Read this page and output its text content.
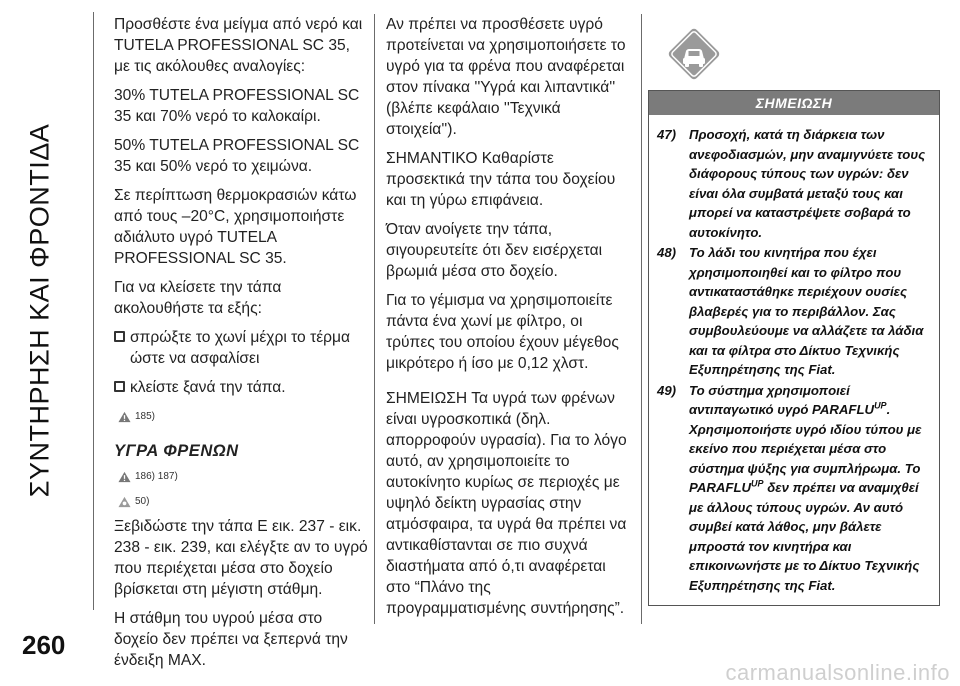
ΣΥΝΤΗΡΗΣΗ ΚΑΙ ΦΡΟΝΤΙΔΑ

Προσθέστε ένα μείγμα από νερό και TUTELA PROFESSIONAL SC 35, με τις ακόλουθες αναλογίες:

30% TUTELA PROFESSIONAL SC 35 και 70% νερό το καλοκαίρι.

50% TUTELA PROFESSIONAL SC 35 και 50% νερό το χειμώνα.

Σε περίπτωση θερμοκρασιών κάτω από τους –20°C, χρησιμοποιήστε αδιάλυτο υγρό TUTELA PROFESSIONAL SC 35.

Για να κλείσετε την τάπα ακολουθήστε τα εξής:

σπρώξτε το χωνί μέχρι το τέρμα ώστε να ασφαλίσει
κλείστε ξανά την τάπα.
185)
ΥΓΡΑ ΦΡΕΝΩΝ
186) 187)
50)

Ξεβιδώστε την τάπα E εικ. 237 - εικ. 238 - εικ. 239, και ελέγξτε αν το υγρό που περιέχεται μέσα στο δοχείο βρίσκεται στη μέγιστη στάθμη.

Η στάθμη του υγρού μέσα στο δοχείο δεν πρέπει να ξεπερνά την ένδειξη MAX.

Αν πρέπει να προσθέσετε υγρό προτείνεται να χρησιμοποιήσετε το υγρό για τα φρένα που αναφέρεται στον πίνακα ''Υγρά και λιπαντικά'' (βλέπε κεφάλαιο ''Τεχνικά στοιχεία'').

ΣΗΜΑΝΤΙΚΟ Καθαρίστε προσεκτικά την τάπα του δοχείου και τη γύρω επιφάνεια.

Όταν ανοίγετε την τάπα, σιγουρευτείτε ότι δεν εισέρχεται βρωμιά μέσα στο δοχείο.

Για το γέμισμα να χρησιμοποιείτε πάντα ένα χωνί με φίλτρο, οι τρύπες του οποίου έχουν μέγεθος μικρότερο ή ίσο με 0,12 χλστ.

ΣΗΜΕΙΩΣΗ Τα υγρά των φρένων είναι υγροσκοπικά (δηλ. απορροφούν υγρασία). Για το λόγο αυτό, αν χρησιμοποιείτε το αυτοκίνητο κυρίως σε περιοχές με υψηλό δείκτη υγρασίας στην ατμόσφαιρα, τα υγρά θα πρέπει να αντικαθίστανται σε πιο συχνά διαστήματα από ό,τι αναφέρεται στο “Πλάνο της προγραμματισμένης συντήρησης”.

ΣΗΜΕΙΩΣΗ
47) Προσοχή, κατά τη διάρκεια των ανεφοδιασμών, μην αναμιγνύετε τους διάφορους τύπους των υγρών: δεν είναι όλα συμβατά μεταξύ τους και μπορεί να καταστρέψετε σοβαρά το αυτοκίνητο.
48) Το λάδι του κινητήρα που έχει χρησιμοποιηθεί και το φίλτρο που αντικαταστάθηκε περιέχουν ουσίες βλαβερές για το περιβάλλον. Σας συμβουλεύουμε να αλλάζετε τα λάδια και τα φίλτρα στο Δίκτυο Τεχνικής Εξυπηρέτησης της Fiat.
49) Το σύστημα χρησιμοποιεί αντιπαγωτικό υγρό $PARAFLU^{UP}$. Χρησιμοποιήστε υγρό ιδίου τύπου με εκείνο που περιέχεται μέσα στο σύστημα ψύξης για συμπλήρωμα. Το $PARAFLU^{UP}$ δεν πρέπει να αναμιχθεί με άλλους τύπους υγρών. Αν αυτό συμβεί κατά λάθος, μην βάλετε μπροστά τον κινητήρα και επικοινωνήστε με το Δίκτυο Τεχνικής Εξυπηρέτησης της Fiat.
260
carmanualsonline.info
